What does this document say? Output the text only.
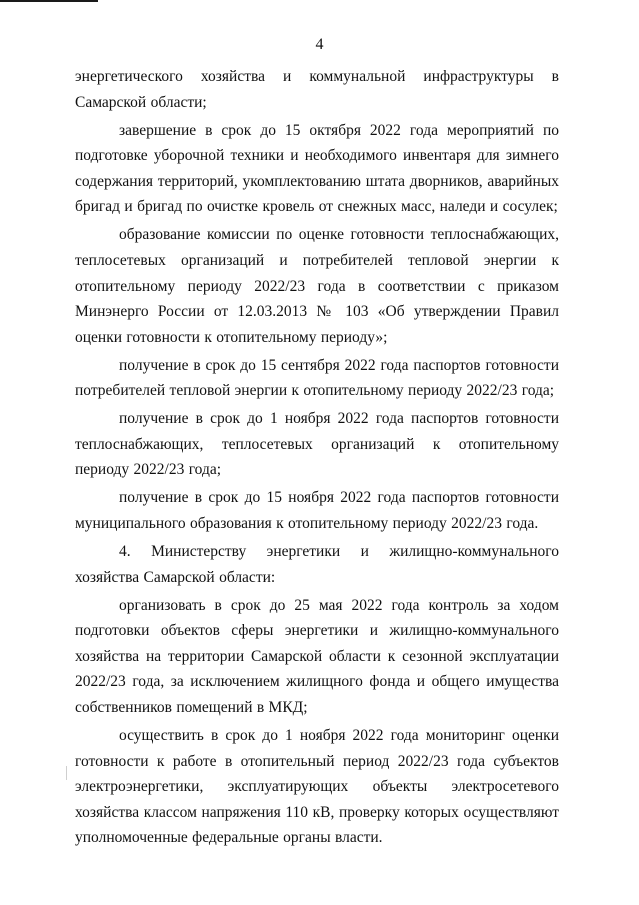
4

энергетического хозяйства и коммунальной инфраструктуры в Самарской области;

завершение в срок до 15 октября 2022 года мероприятий по подготовке уборочной техники и необходимого инвентаря для зимнего содержания территорий, укомплектованию штата дворников, аварийных бригад и бригад по очистке кровель от снежных масс, наледи и сосулек;

образование комиссии по оценке готовности теплоснабжающих, теплосетевых организаций и потребителей тепловой энергии к отопительному периоду 2022/23 года в соответствии с приказом Минэнерго России от 12.03.2013 № 103 «Об утверждении Правил оценки готовности к отопительному периоду»;

получение в срок до 15 сентября 2022 года паспортов готовности потребителей тепловой энергии к отопительному периоду 2022/23 года;

получение в срок до 1 ноября 2022 года паспортов готовности теплоснабжающих, теплосетевых организаций к отопительному периоду 2022/23 года;

получение в срок до 15 ноября 2022 года паспортов готовности муниципального образования к отопительному периоду 2022/23 года.

4. Министерству энергетики и жилищно-коммунального хозяйства Самарской области:

организовать в срок до 25 мая 2022 года контроль за ходом подготовки объектов сферы энергетики и жилищно-коммунального хозяйства на территории Самарской области к сезонной эксплуатации 2022/23 года, за исключением жилищного фонда и общего имущества собственников помещений в МКД;

осуществить в срок до 1 ноября 2022 года мониторинг оценки готовности к работе в отопительный период 2022/23 года субъектов электроэнергетики, эксплуатирующих объекты электросетевого хозяйства классом напряжения 110 кВ, проверку которых осуществляют уполномоченные федеральные органы власти.
